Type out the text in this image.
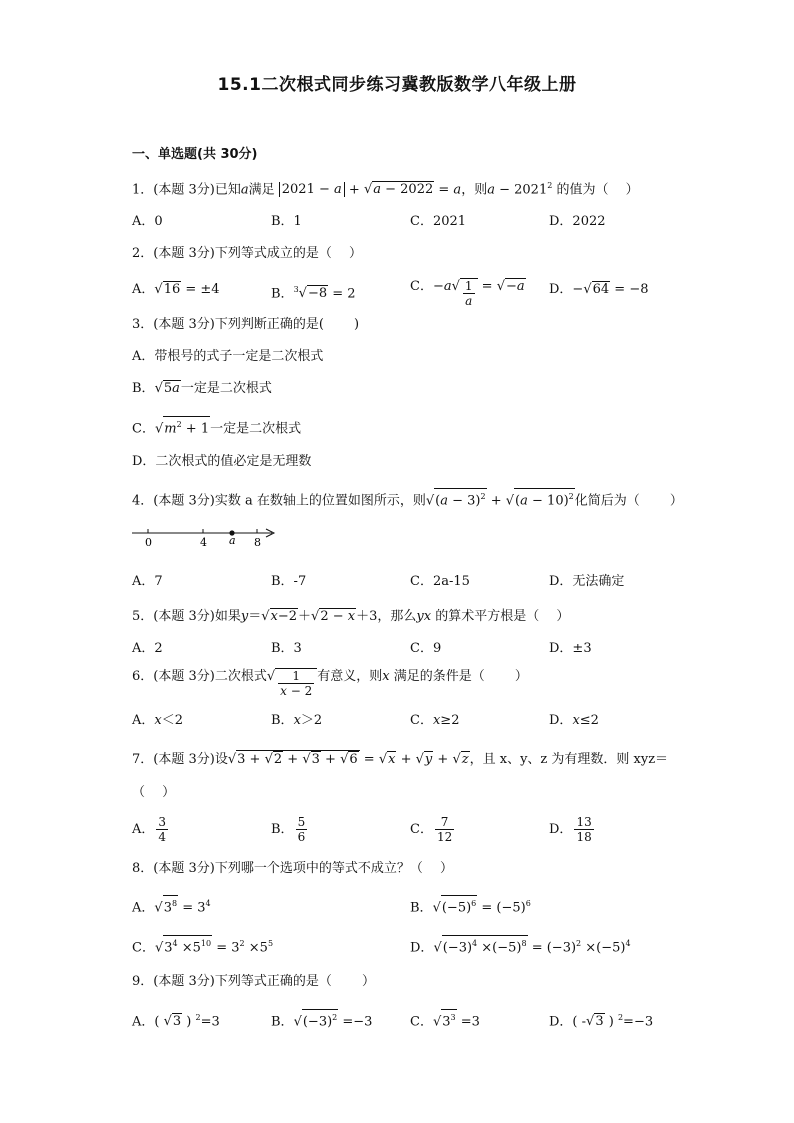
15.1二次根式同步练习冀教版数学八年级上册
一、单选题(共 30分)
1．(本题 3分)已知a满足 2021 − a + √a − 2022 = a，则$a - 2021^2$ 的值为（　 ）
A．0	B．1	C．2021	D．2022
2．(本题 3分)下列等式成立的是（　 ）
A．√16 = ±4	B．$^3$√−8 = 2	C．$-a√ \frac{1}{a} = √-a$ D．−√64 = −8
3．(本题 3分)下列判断正确的是(　　 )
A．带根号的式子一定是二次根式
B．√5a一定是二次根式
C．$√m^2 + 1$一定是二次根式
D．二次根式的值必定是无理数
4．(本题 3分)实数 a 在数轴上的位置如图所示，则$√(a - 3)^2 + √(a - 10)^2$化简后为（　　 ）
0	4 a 8
A．7	B．-7	C．2a-15	D．无法确定
5．(本题 3分)如果y＝√x−2＋√2 − x＋3，那么yx 的算术平方根是（　 ）
A．2	B．3	C．9	D．±3
6．(本题 3分)二次根式√ $\frac{1}{x - 2}$ 有意义，则x 满足的条件是（　　 ）
A．x＜2	B．x＞2	C．x≥2	D．x≤2
7．(本题 3分)设√3 + √2 + √3 + √6 = √x + √y + √z，且 x、y、z 为有理数．则 xyz＝
（　 ）
A． $\frac{3}{4}$	B． $\frac{5}{6}$	C． $\frac{7}{12}$	D． $\frac{13}{18}$
8．(本题 3分)下列哪一个选项中的等式不成立？（　 ）
A．$√3^8 = 3^4$	B．$√(-5)^6 = (-5)^6$
C．$√3^4 \times 5^{10} = 3^2 \times 5^5$	D．$√(-3)^4 \times(-5)^8 = (-3)^2 \times(-5)^4$
9．(本题 3分)下列等式正确的是（　　 ）
A．( √3 ) $^2$=3	B．$√(-3)^2 =-3$	C．$√3^3 =3$	D．( -√3 ) $^2$=−3
